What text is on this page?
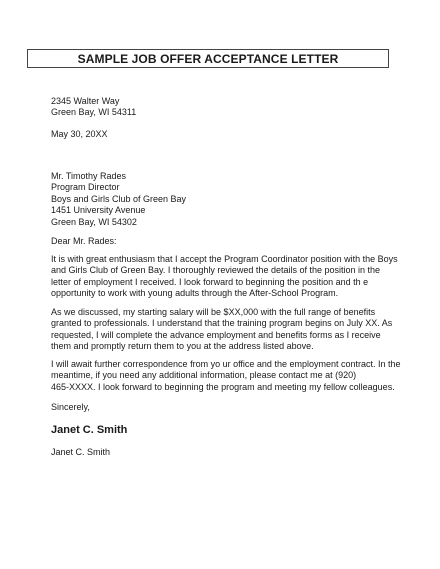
SAMPLE JOB OFFER ACCEPTANCE LETTER
2345 Walter Way
Green Bay, WI 54311
May 30, 20XX
Mr. Timothy Rades
Program Director
Boys and Girls Club of Green Bay
1451 University Avenue
Green Bay, WI 54302
Dear Mr. Rades:
It is with great enthusiasm that I accept the Program Coordinator position with the Boys
and Girls Club of Green Bay. I thoroughly reviewed the details of the position in the
letter of employment I received. I look forward to beginning the position and th e
opportunity to work with young adults through the After-School Program.
As we discussed, my starting salary will be $XX,000 with the full range of benefits
granted to professionals. I understand that the training program begins on July XX. As
requested, I will complete the advance employment and benefits forms as I receive
them and promptly return them to you at the address listed above.
I will await further correspondence from yo ur office and the employment contract. In the
meantime, if you need any additional information, please contact me at (920)
465-XXXX. I look forward to beginning the program and meeting my fellow colleagues.
Sincerely,
Janet C. Smith
Janet C. Smith
